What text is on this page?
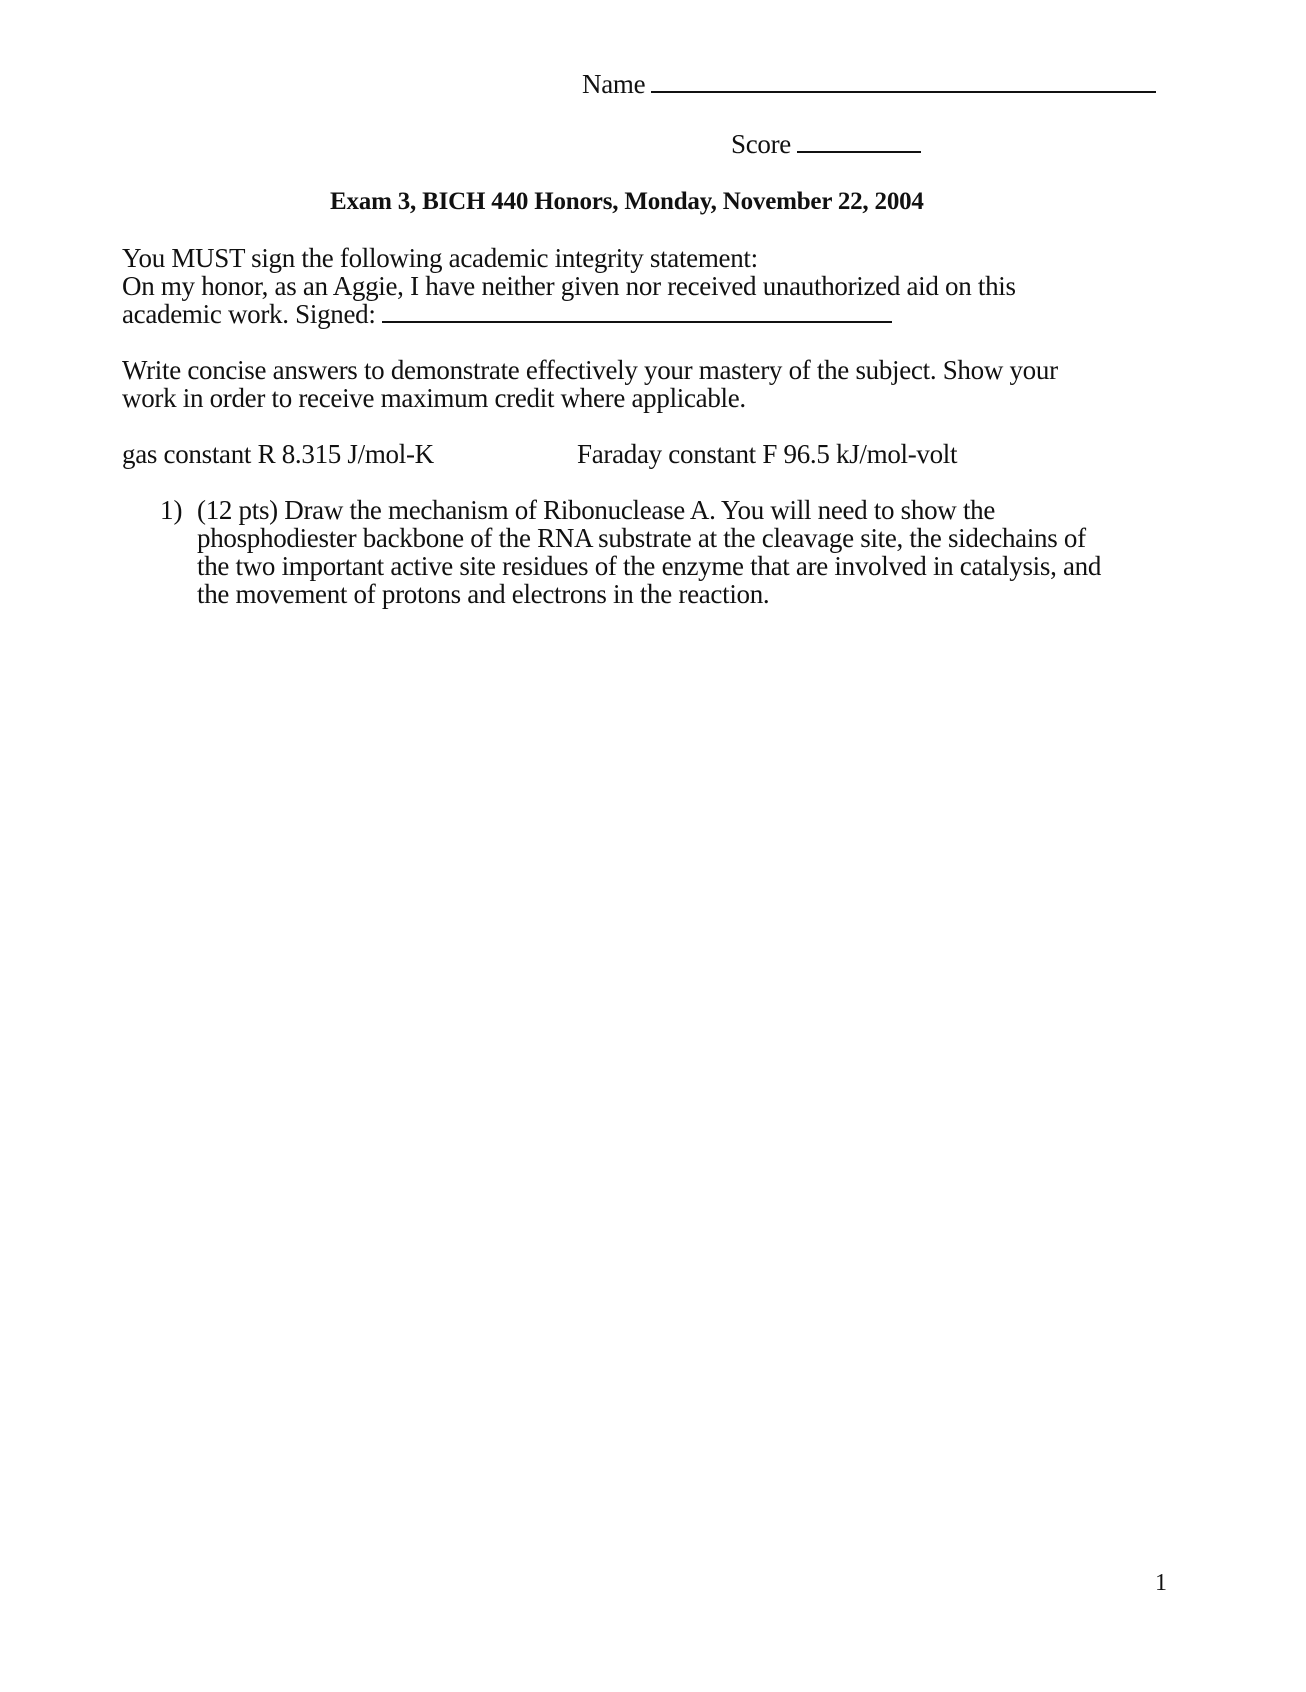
Name
Score
Exam 3, BICH 440 Honors, Monday, November 22, 2004
You MUST sign the following academic integrity statement:
On my honor, as an Aggie, I have neither given nor received unauthorized aid on this
academic work. Signed:
Write concise answers to demonstrate effectively your mastery of the subject. Show your
work in order to receive maximum credit where applicable.
gas constant R 8.315 J/mol-K	Faraday constant F 96.5 kJ/mol-volt
1) (12 pts) Draw the mechanism of Ribonuclease A. You will need to show the
phosphodiester backbone of the RNA substrate at the cleavage site, the sidechains of
the two important active site residues of the enzyme that are involved in catalysis, and
the movement of protons and electrons in the reaction.
1
